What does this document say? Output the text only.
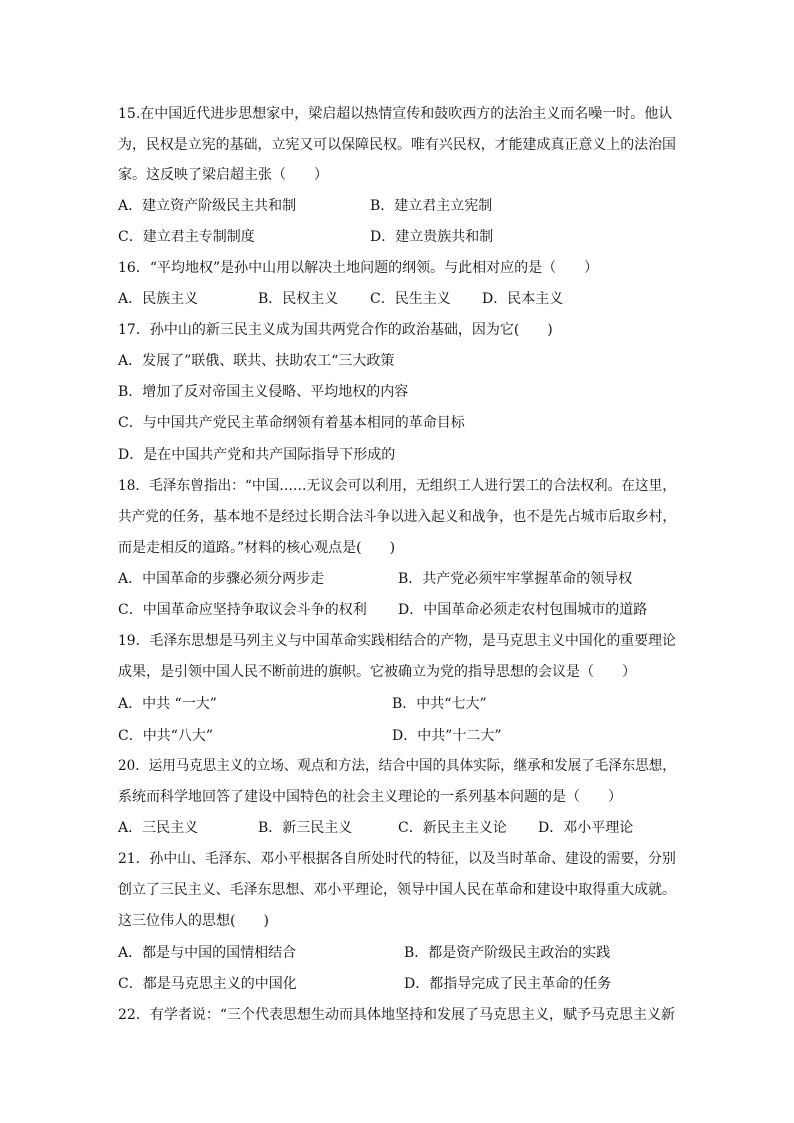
15.在中国近代进步思想家中，梁启超以热情宣传和鼓吹西方的法治主义而名噪一时。他认
为，民权是立宪的基础，立宪又可以保障民权。唯有兴民权，才能建成真正意义上的法治国
家。这反映了梁启超主张（　　）
A．建立资产阶级民主共和制	B．建立君主立宪制
C．建立君主专制制度	D．建立贵族共和制
16．“平均地权”是孙中山用以解决土地问题的纲领。与此相对应的是（　　）
A．民族主义	B．民权主义 C．民生主义 D．民本主义
17．孙中山的新三民主义成为国共两党合作的政治基础，因为它(　　)
A．发展了”联俄、联共、扶助农工“三大政策
B．增加了反对帝国主义侵略、平均地权的内容
C．与中国共产党民主革命纲领有着基本相同的革命目标
D．是在中国共产党和共产国际指导下形成的
18．毛泽东曾指出：“中国……无议会可以利用，无组织工人进行罢工的合法权利。在这里，
共产党的任务，基本地不是经过长期合法斗争以进入起义和战争，也不是先占城市后取乡村，
而是走相反的道路。”材料的核心观点是(　　)
A．中国革命的步骤必须分两步走	B．共产党必须牢牢掌握革命的领导权
C．中国革命应坚持争取议会斗争的权利 D．中国革命必须走农村包围城市的道路
19．毛泽东思想是马列主义与中国革命实践相结合的产物，是马克思主义中国化的重要理论
成果，是引领中国人民不断前进的旗帜。它被确立为党的指导思想的会议是（　　）
A．中共 “一大”	B．中共“七大”
C．中共“八大”	D．中共”十二大”
20．运用马克思主义的立场、观点和方法，结合中国的具体实际，继承和发展了毛泽东思想，
系统而科学地回答了建设中国特色的社会主义理论的一系列基本问题的是（　　）
A．三民主义	B．新三民主义	C．新民主主义论 D．邓小平理论
21．孙中山、毛泽东、邓小平根据各自所处时代的特征，以及当时革命、建设的需要，分别
创立了三民主义、毛泽东思想、邓小平理论，领导中国人民在革命和建设中取得重大成就。
这三位伟人的思想(　　)
A．都是与中国的国情相结合	B．都是资产阶级民主政治的实践
C．都是马克思主义的中国化	D．都指导完成了民主革命的任务
22．有学者说：“三个代表思想生动而具体地坚持和发展了马克思主义，赋予马克思主义新
